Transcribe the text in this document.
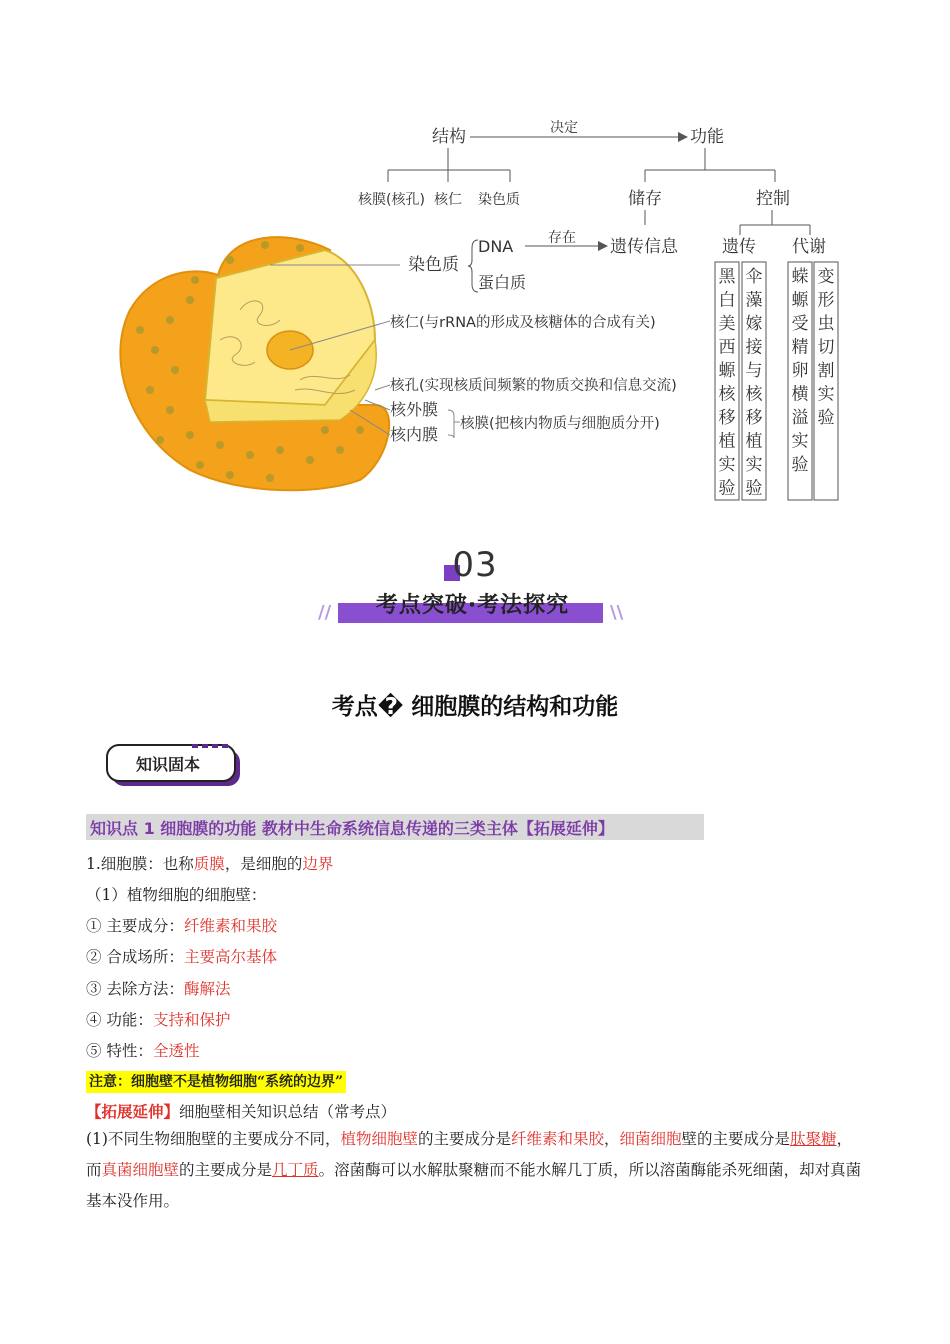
结构	决定	功能
核膜(核孔) 核仁 染色质	储存	控制
染色质
DNA
蛋白质
存在 遗传信息	遗传 代谢
核仁(与rRNA的形成及核糖体的合成有关)
核孔(实现核质间频繁的物质交换和信息交流)
核外膜
核内膜
核膜(把核内物质与细胞质分开)
黑
白
美
西
螈
核
移
植
实
验
伞
藻
嫁
接
与
核
移
植
实
验
蝾
螈
受
精
卵
横
溢
实
验
变
形
虫
切
割
实
验
03
//	\\
考点突破·考法探究
考点� 细胞膜的结构和功能
知识固本
知识点 1 细胞膜的功能 教材中生命系统信息传递的三类主体【拓展延伸】
1.细胞膜：也称质膜，是细胞的边界
（1）植物细胞的细胞壁：
① 主要成分：纤维素和果胶
② 合成场所：主要高尔基体
③ 去除方法：酶解法
④ 功能：支持和保护
⑤ 特性：全透性
注意：细胞壁不是植物细胞“系统的边界”
【拓展延伸】细胞壁相关知识总结（常考点）
(1)不同生物细胞壁的主要成分不同，植物细胞壁的主要成分是纤维素和果胶，细菌细胞壁的主要成分是肽聚糖，而真菌细胞壁的主要成分是几丁质。溶菌酶可以水解肽聚糖而不能水解几丁质，所以溶菌酶能杀死细菌，却对真菌基本没作用。
